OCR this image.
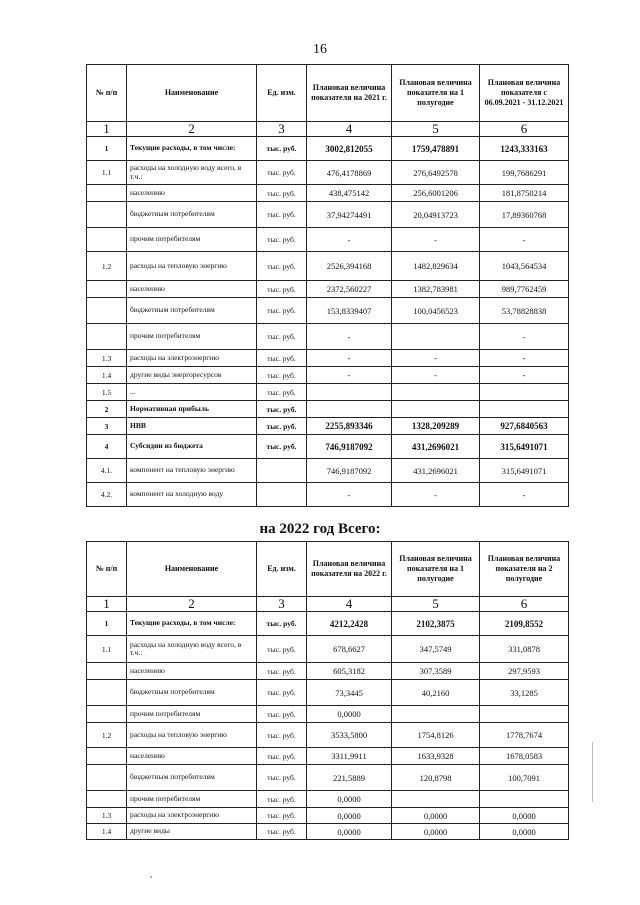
16
№ п/п	Наименование	Ед. изм.	Плановая величина показателя на 2021 г.	Плановая величина показателя на 1 полугодие	Плановая величина показателя с 06.09.2021 - 31.12.2021
1	2	3	4	5	6
1	Текущие расходы, в том числе:	тыс. руб.	3002,812055	1759,478891	1243,333163
1.1	расходы на холодную воду всего, в т.ч.:	тыс. руб.	476,4178869	276,6492578	199,7686291
	населению	тыс. руб.	438,475142	256,6001206	181,8750214
	бюджетным потребителям	тыс. руб.	37,94274491	20,04913723	17,89360768
	прочим потребителям	тыс. руб.	-	-	-
1.2	расходы на тепловую энергию	тыс. руб.	2526,394168	1482,829634	1043,564534
	населению	тыс. руб.	2372,560227	1382,783981	989,7762459
	бюджетным потребителям	тыс. руб.	153,8339407	100,0456523	53,78828838
	прочим потребителям	тыс. руб.	-		-
1.3	расходы на электроэнергию	тыс. руб.	-	-	-
1.4	другие виды энергоресурсов	тыс. руб.	-	-	-
1.5	...	тыс. руб.			
2	Нормативная прибыль	тыс. руб.			
3	НВВ	тыс. руб.	2255,893346	1328,209289	927,6840563
4	Субсидии из бюджета	тыс. руб.	746,9187092	431,2696021	315,6491071
4.1.	компонент на тепловую энергию		746,9187092	431,2696021	315,6491071
4.2.	компонент на холодную воду		-	-	-
на 2022 год Всего:
№ п/п	Наименование	Ед. изм.	Плановая величина показателя на 2022 г.	Плановая величина показателя на 1 полугодие	Плановая величина показателя на 2 полугодие
1	2	3	4	5	6
1	Текущие расходы, в том числе:	тыс. руб.	4212,2428	2102,3875	2109,8552
1.1	расходы на холодную воду всего, в т.ч.:	тыс. руб.	678,6627	347,5749	331,0878
	населению	тыс. руб.	605,3182	307,3589	297,9593
	бюджетным потребителям	тыс. руб.	73,3445	40,2160	33,1285
	прочим потребителям	тыс. руб.	0,0000		
1.2	расходы на тепловую энергию	тыс. руб.	3533,5800	1754,8126	1778,7674
	населению	тыс. руб.	3311,9911	1633,9328	1678,0583
	бюджетным потребителям	тыс. руб.	221,5889	120,8798	100,7091
	прочим потребителям	тыс. руб.	0,0000		
1.3	расходы на электроэнергию	тыс. руб.	0,0000	0,0000	0,0000
1.4	другие виды	тыс. руб.	0,0000	0,0000	0,0000
